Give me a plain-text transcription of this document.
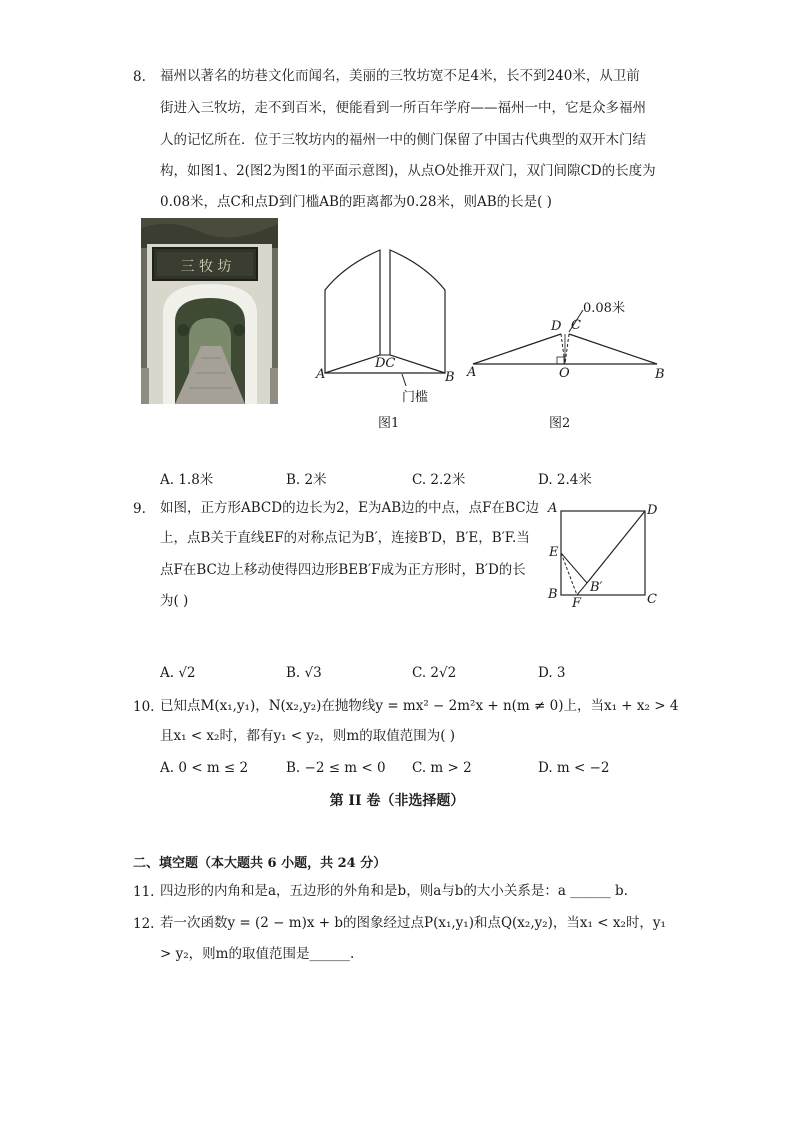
8. 福州以著名的坊巷文化而闻名，美丽的三牧坊宽不足4米，长不到240米，从卫前
街进入三牧坊，走不到百米，便能看到一所百年学府——福州一中，它是众多福州
人的记忆所在．位于三牧坊内的福州一中的侧门保留了中国古代典型的双开木门结
构，如图1、2(图2为图1的平面示意图)，从点O处推开双门，双门间隙CD的长度为
0.08米，点C和点D到门槛AB的距离都为0.28米，则AB的长是( )
三 牧 坊
A	B
DC
门槛
图1
A	B
O
D C
0.08米
图2
A. 1.8米	B. 2米	C. 2.2米	D. 2.4米
9. 如图，正方形ABCD的边长为2，E为AB边的中点，点F在BC边
上，点B关于直线EF的对称点记为B′，连接B′D，B′E，B′F.当
点F在BC边上移动使得四边形BEB′F成为正方形时，B′D的长
为( )
A	D
E
B
F
B′
C
A. √2	B. √3	C. 2√2	D. 3
10. 已知点M(x₁,y₁)，N(x₂,y₂)在抛物线y = mx² − 2m²x + n(m ≠ 0)上，当x₁ + x₂ > 4
且x₁ < x₂时，都有y₁ < y₂，则m的取值范围为( )
A. 0 < m ≤ 2	B. −2 ≤ m < 0 C. m > 2	D. m < −2
第 II 卷（非选择题）
二、填空题（本大题共 6 小题，共 24 分）
11. 四边形的内角和是a，五边形的外角和是b，则a与b的大小关系是：a ______ b.
12. 若一次函数y = (2 − m)x + b的图象经过点P(x₁,y₁)和点Q(x₂,y₂)，当x₁ < x₂时，y₁
> y₂，则m的取值范围是______.
